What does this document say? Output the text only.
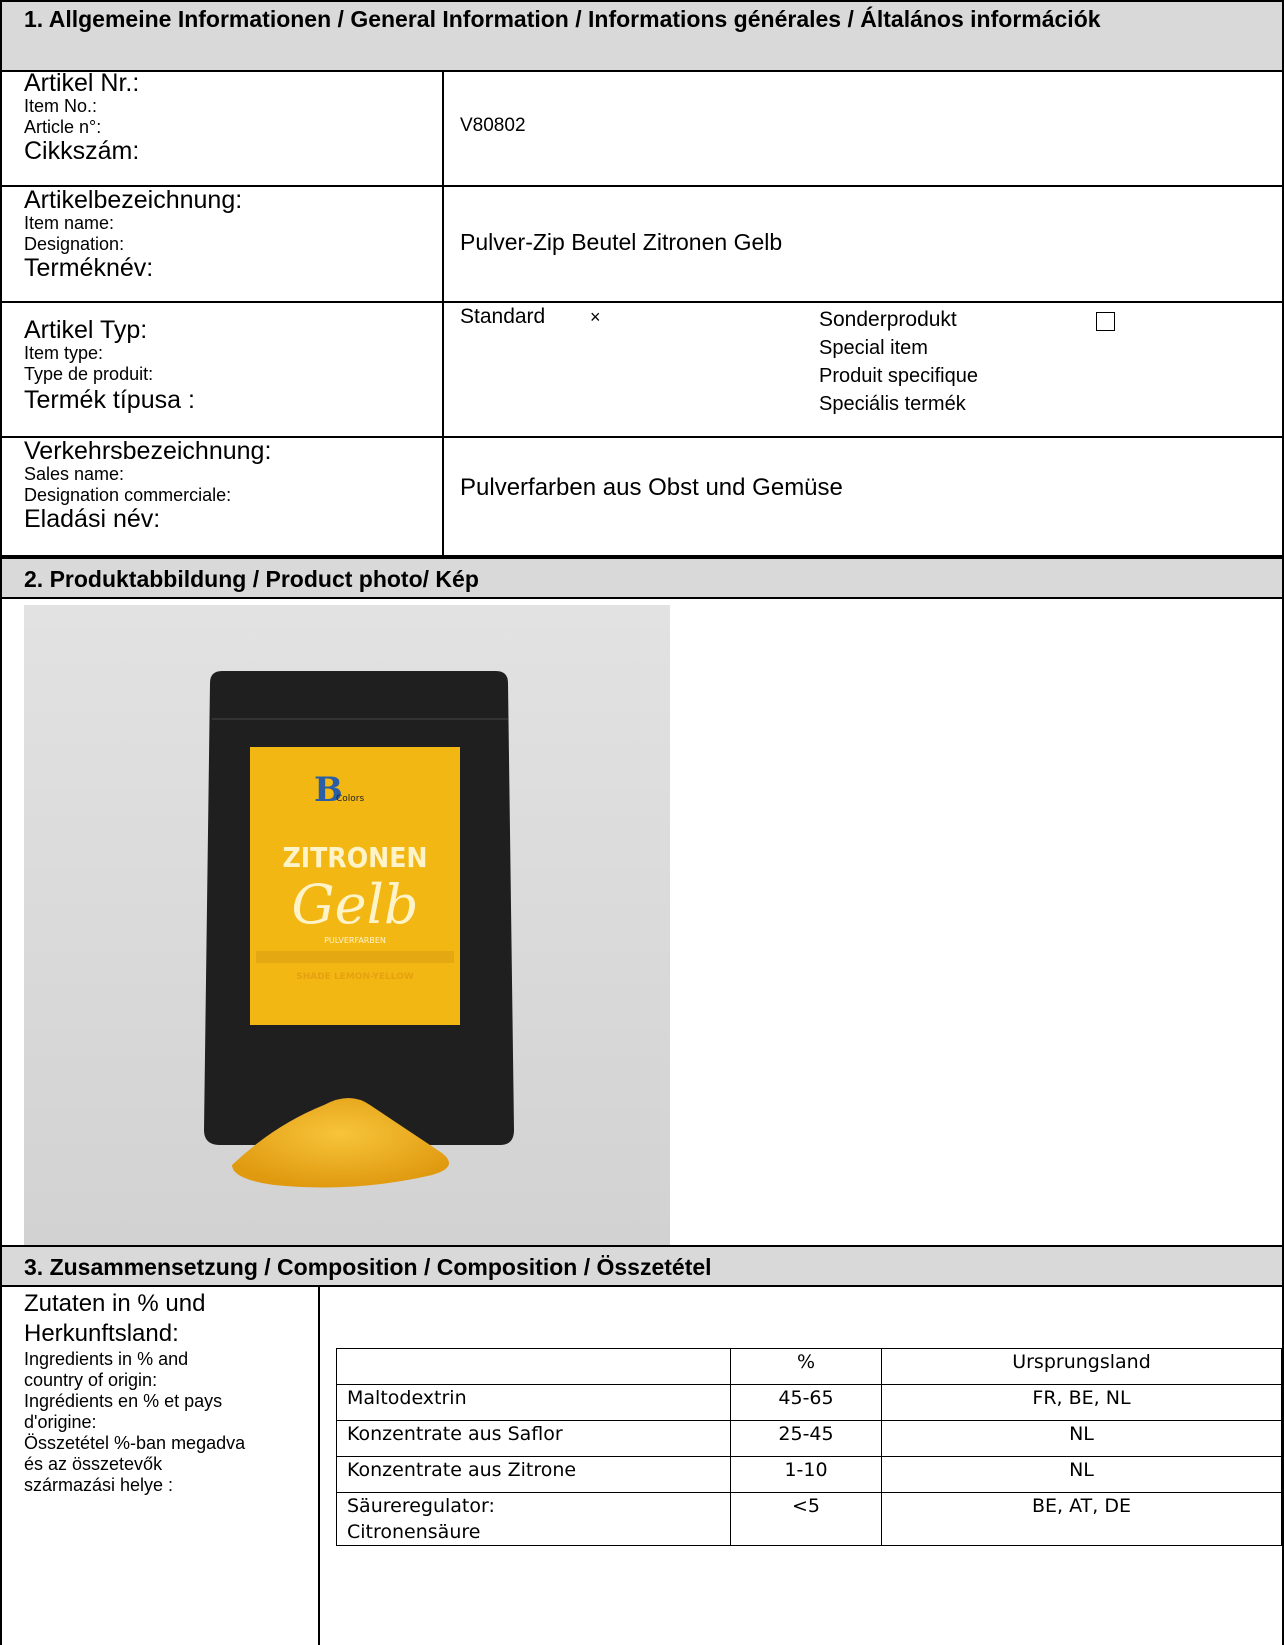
1. Allgemeine Informationen / General Information / Informations générales / Általános információk
Artikel Nr.:
Item No.:
Article n°:
Cikkszám:
V80802
Artikelbezeichnung:
Item name:
Designation:
Terméknév:
Pulver-Zip Beutel Zitronen Gelb
Artikel Typ:
Item type:
Type de produit:
Termék típusa :
Standard ×	Sonderprodukt
Special item
Produit specifique
Speciális termék
Verkehrsbezeichnung:
Sales name:
Designation commerciale:
Eladási név:
Pulverfarben aus Obst und Gemüse
2. Produktabbildung / Product photo/ Kép
B
Colors
ZITRONEN
Gelb
PULVERFARBEN
SHADE LEMON-YELLOW
3. Zusammensetzung / Composition / Composition / Összetétel
Zutaten in % und
Herkunftsland:
Ingredients in % and
country of origin:
Ingrédients en % et pays
d'origine:
Összetétel %-ban megadva
és az összetevők
származási helye :
	%	Ursprungsland
Maltodextrin	45-65	FR, BE, NL
Konzentrate aus Saflor	25-45	NL
Konzentrate aus Zitrone	1-10	NL

Säureregulator:
Citronensäure	<5	BE, AT, DE
